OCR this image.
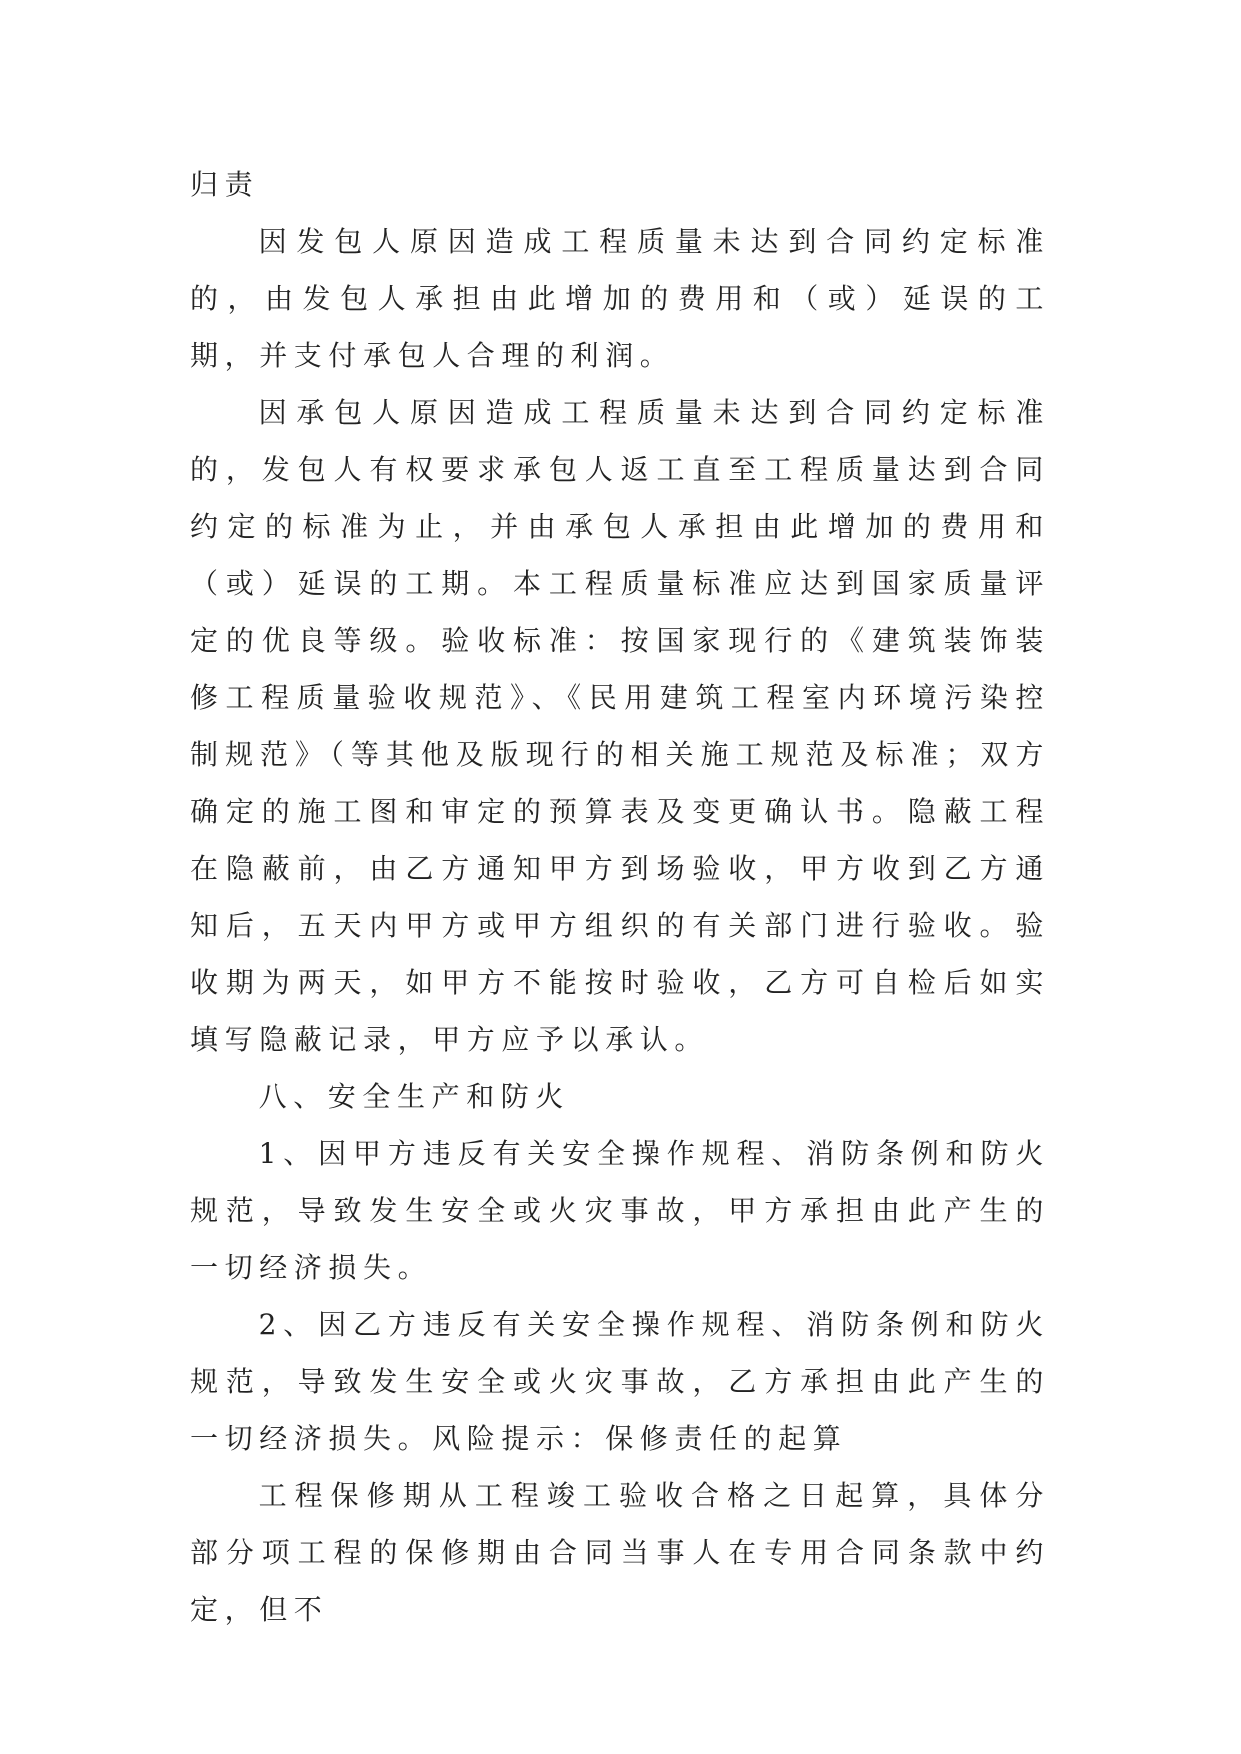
归责

因发包人原因造成工程质量未达到合同约定标准的，由发包人承担由此增加的费用和（或）延误的工期，并支付承包人合理的利润。

因承包人原因造成工程质量未达到合同约定标准的，发包人有权要求承包人返工直至工程质量达到合同约定的标准为止，并由承包人承担由此增加的费用和（或）延误的工期。本工程质量标准应达到国家质量评定的优良等级。验收标准：按国家现行的《建筑装饰装修工程质量验收规范》、《民用建筑工程室内环境污染控制规范》（等其他及版现行的相关施工规范及标准；双方确定的施工图和审定的预算表及变更确认书。隐蔽工程在隐蔽前，由乙方通知甲方到场验收，甲方收到乙方通知后，五天内甲方或甲方组织的有关部门进行验收。验收期为两天，如甲方不能按时验收，乙方可自检后如实填写隐蔽记录，甲方应予以承认。

八、安全生产和防火

1、因甲方违反有关安全操作规程、消防条例和防火规范，导致发生安全或火灾事故，甲方承担由此产生的一切经济损失。

2、因乙方违反有关安全操作规程、消防条例和防火规范，导致发生安全或火灾事故，乙方承担由此产生的一切经济损失。风险提示：保修责任的起算

工程保修期从工程竣工验收合格之日起算，具体分部分项工程的保修期由合同当事人在专用合同条款中约定，但不
